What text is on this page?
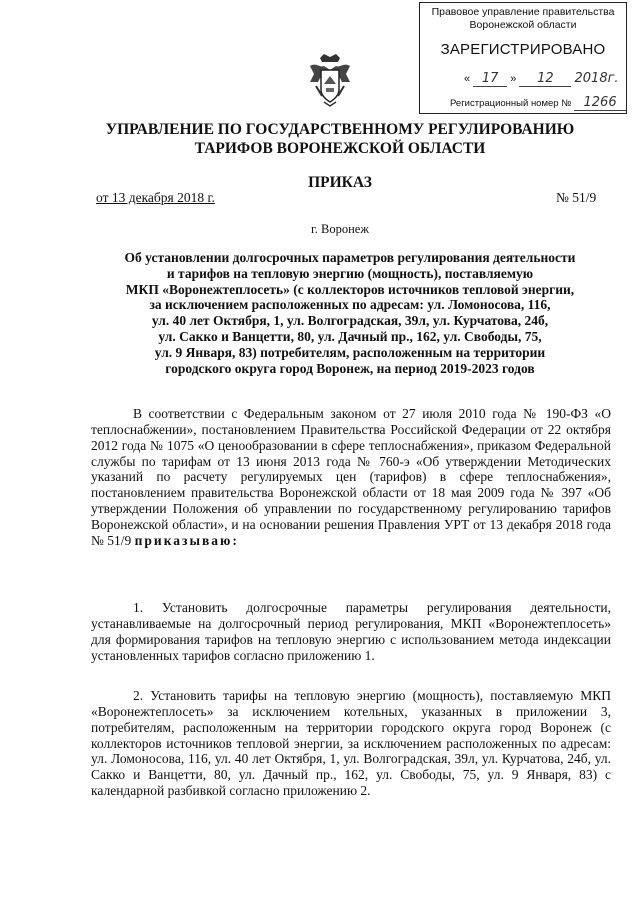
Правовое управление правительства
Воронежской области
ЗАРЕГИСТРИРОВАНО
« 17 » 12 2018г.
Регистрационный номер № 1266
УПРАВЛЕНИЕ ПО ГОСУДАРСТВЕННОМУ РЕГУЛИРОВАНИЮ
ТАРИФОВ ВОРОНЕЖСКОЙ ОБЛАСТИ
ПРИКАЗ
от 13 декабря 2018 г.	№ 51/9
г. Воронеж
Об установлении долгосрочных параметров регулирования деятельности
и тарифов на тепловую энергию (мощность), поставляемую
МКП «Воронежтеплосеть» (с коллекторов источников тепловой энергии,
за исключением расположенных по адресам: ул. Ломоносова, 116,
ул. 40 лет Октября, 1, ул. Волгоградская, 39л, ул. Курчатова, 24б,
ул. Сакко и Ванцетти, 80, ул. Дачный пр., 162, ул. Свободы, 75,
ул. 9 Января, 83) потребителям, расположенным на территории
городского округа город Воронеж, на период 2019-2023 годов
В соответствии с Федеральным законом от 27 июля 2010 года № 190-ФЗ «О теплоснабжении», постановлением Правительства Российской Федерации от 22 октября 2012 года № 1075 «О ценообразовании в сфере теплоснабжения», приказом Федеральной службы по тарифам от 13 июня 2013 года № 760-э «Об утверждении Методических указаний по расчету регулируемых цен (тарифов) в сфере теплоснабжения», постановлением правительства Воронежской области от 18 мая 2009 года № 397 «Об утверждении Положения об управлении по государственному регулированию тарифов Воронежской области», и на основании решения Правления УРТ от 13 декабря 2018 года № 51/9 приказываю:
1. Установить долгосрочные параметры регулирования деятельности, устанавливаемые на долгосрочный период регулирования, МКП «Воронежтеплосеть» для формирования тарифов на тепловую энергию с использованием метода индексации установленных тарифов согласно приложению 1.
2. Установить тарифы на тепловую энергию (мощность), поставляемую МКП «Воронежтеплосеть» за исключением котельных, указанных в приложении 3, потребителям, расположенным на территории городского округа город Воронеж (с коллекторов источников тепловой энергии, за исключением расположенных по адресам: ул. Ломоносова, 116, ул. 40 лет Октября, 1, ул. Волгоградская, 39л, ул. Курчатова, 24б, ул. Сакко и Ванцетти, 80, ул. Дачный пр., 162, ул. Свободы, 75, ул. 9 Января, 83) с календарной разбивкой согласно приложению 2.
